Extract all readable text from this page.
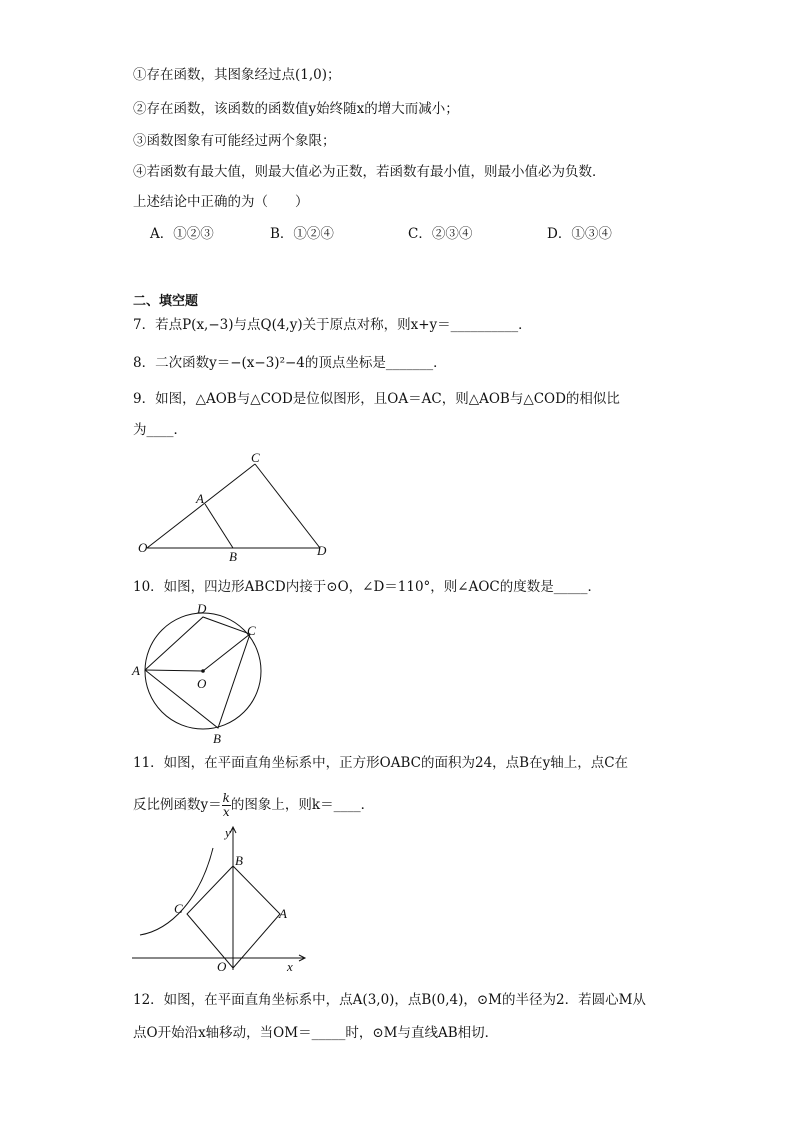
①存在函数，其图象经过点(1,0)；
②存在函数，该函数的函数值y始终随x的增大而减小；
③函数图象有可能经过两个象限；
④若函数有最大值，则最大值必为正数，若函数有最小值，则最小值必为负数．
上述结论中正确的为（　　）
A．①②③	B．①②④	C．②③④	D．①③④
二、填空题
7．若点P(x,−3)与点Q(4,y)关于原点对称，则x+y＝__________．
8．二次函数y＝−(x−3)²−4的顶点坐标是_______．
9．如图，△AOB与△COD是位似图形，且OA＝AC，则△AOB与△COD的相似比
为____．
O
A
B
C
D
10．如图，四边形ABCD内接于⊙O，∠D＝110°，则∠AOC的度数是_____．
D
C
A
O
B
11．如图，在平面直角坐标系中，正方形OABC的面积为24，点B在y轴上，点C在
反比例函数$y= \frac{k}{x}$ 的图象上，则k＝____．
y
B
C	A
O	x
12．如图，在平面直角坐标系中，点A(3,0)，点B(0,4)，⊙M的半径为2．若圆心M从
点O开始沿x轴移动，当OM＝_____时，⊙M与直线AB相切．
